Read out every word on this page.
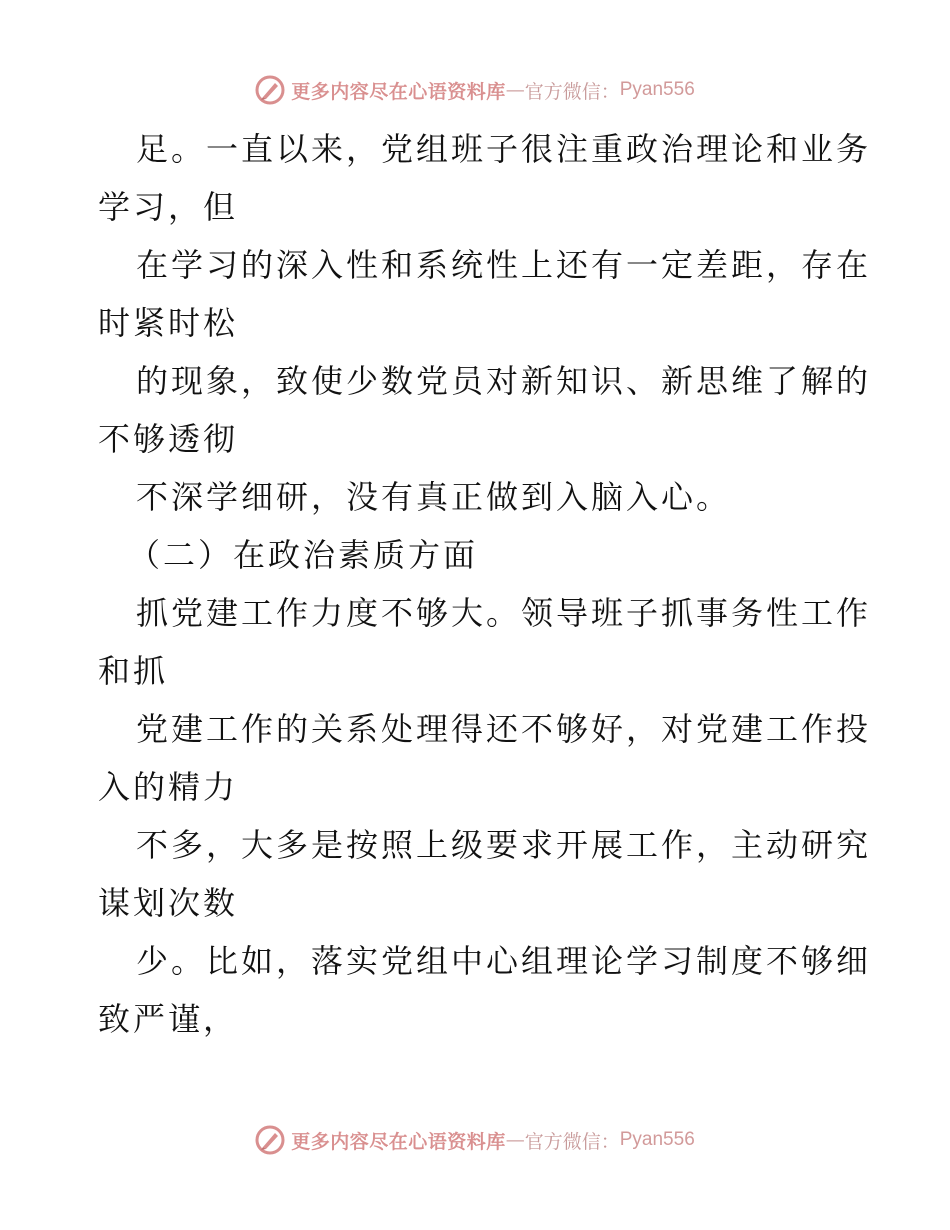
更多内容尽在心语资料库 — 官方微信： Pyan556

足。一直以来，党组班子很注重政治理论和业务
学习，但

在学习的深入性和系统性上还有一定差距，存在
时紧时松

的现象，致使少数党员对新知识、新思维了解的
不够透彻

不深学细研，没有真正做到入脑入心。

（二）在政治素质方面

抓党建工作力度不够大。领导班子抓事务性工作
和抓

党建工作的关系处理得还不够好，对党建工作投
入的精力

不多，大多是按照上级要求开展工作，主动研究
谋划次数

少。比如，落实党组中心组理论学习制度不够细
致严谨，

更多内容尽在心语资料库 — 官方微信： Pyan556
